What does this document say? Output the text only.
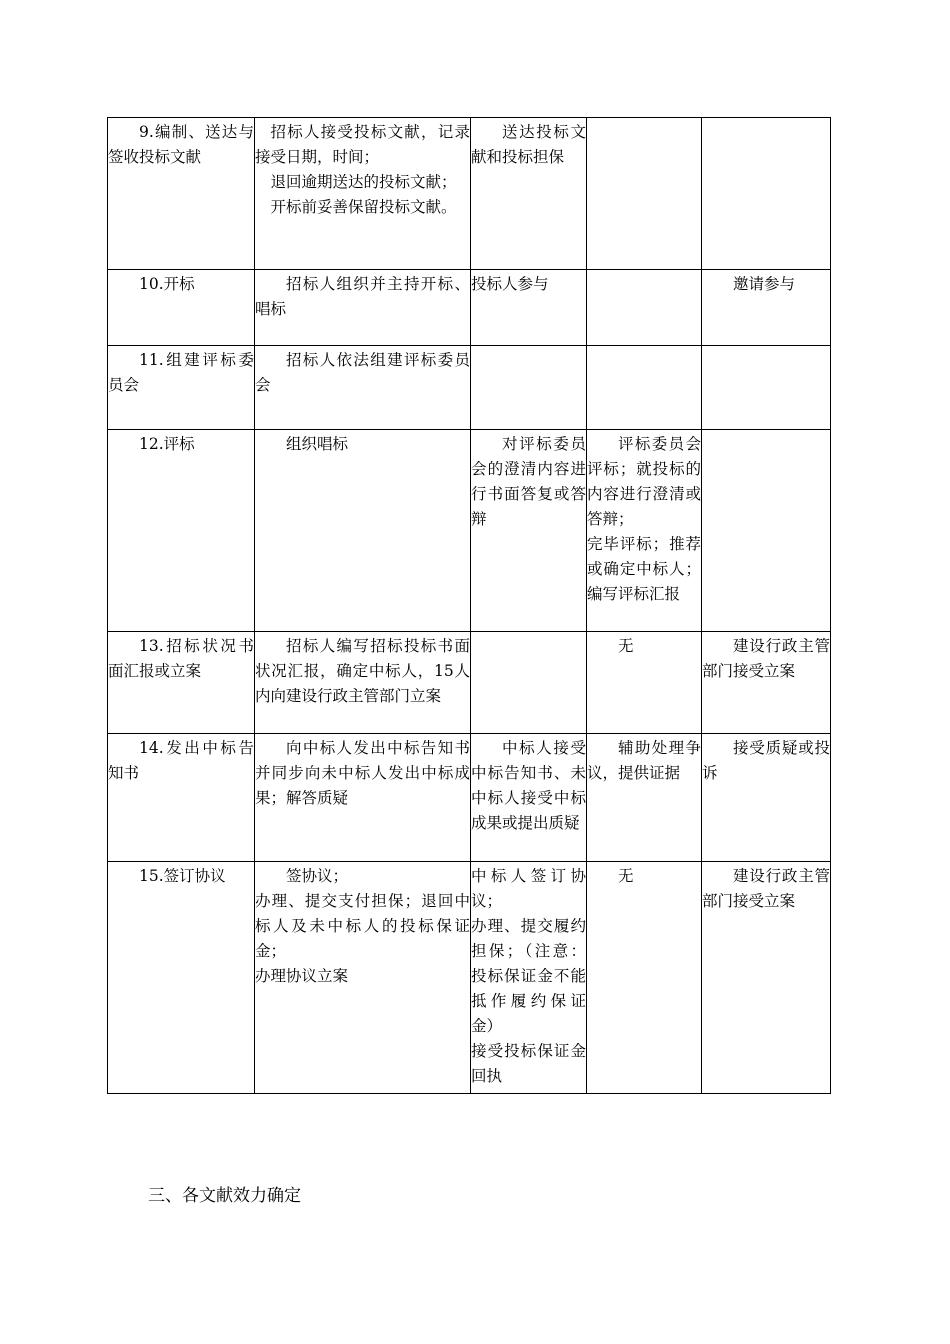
9.编制、送达与签收投标文献	招标人接受投标文献，记录接受日期，时间；
退回逾期送达的投标文献；
开标前妥善保留投标文献。	送达投标文献和投标担保		

10.开标	招标人组织并主持开标、唱标	投标人参与		邀请参与

11.组建评标委员会	招标人依法组建评标委员会			

12.评标	组织唱标	对评标委员会的澄清内容进行书面答复或答辩	评标委员会评标；就投标的内容进行澄清或答辩；
完毕评标；推荐或确定中标人；编写评标汇报	

13.招标状况书面汇报或立案	招标人编写招标投标书面状况汇报，确定中标人，15人内向建设行政主管部门立案		无	建设行政主管部门接受立案

14.发出中标告知书	向中标人发出中标告知书并同步向未中标人发出中标成果；解答质疑	中标人接受中标告知书、未中标人接受中标成果或提出质疑	辅助处理争议，提供证据	接受质疑或投诉

15.签订协议	签协议；
办理、提交支付担保；退回中标人及未中标人的投标保证金；
办理协议立案	中标人签订协议；
办理、提交履约担保；（注意：投标保证金不能抵作履约保证金）
接受投标保证金回执	无	建设行政主管部门接受立案
三、各文献效力确定
